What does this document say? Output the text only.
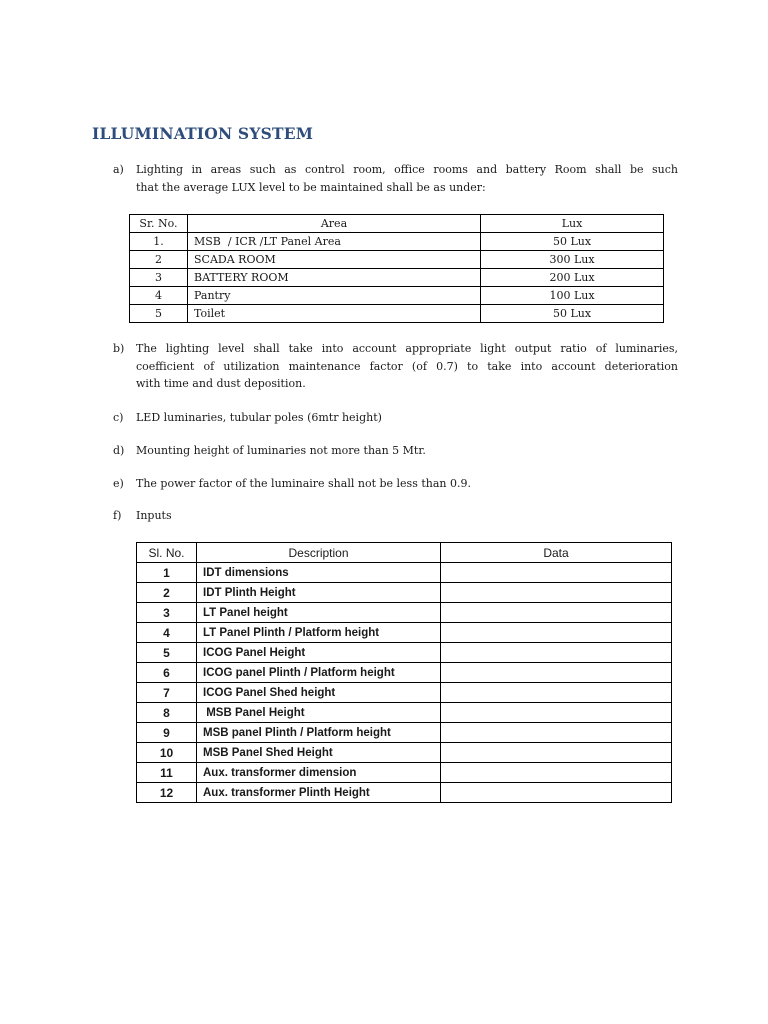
ILLUMINATION SYSTEM
a)	Lighting in areas such as control room, office rooms and battery Room shall be such
that the average LUX level to be maintained shall be as under:
Sr. No.	Area	Lux
1.	MSB  / ICR /LT Panel Area	50 Lux
2	SCADA ROOM	300 Lux
3	BATTERY ROOM	200 Lux
4	Pantry	100 Lux
5	Toilet	50 Lux
b)	The lighting level shall take into account appropriate light output ratio of luminaries,
coefficient of utilization maintenance factor (of 0.7) to take into account deterioration
with time and dust deposition.
c)	LED luminaries, tubular poles (6mtr height)
d)	Mounting height of luminaries not more than 5 Mtr.
e)	The power factor of the luminaire shall not be less than 0.9.
f)	Inputs
Sl. No.	Description	Data
1	IDT dimensions	
2	IDT Plinth Height	
3	LT Panel height	
4	LT Panel Plinth / Platform height	
5	ICOG Panel Height	
6	ICOG panel Plinth / Platform height	
7	ICOG Panel Shed height	
8	MSB Panel Height	
9	MSB panel Plinth / Platform height	
10	MSB Panel Shed Height	
11	Aux. transformer dimension	
12	Aux. transformer Plinth Height	
